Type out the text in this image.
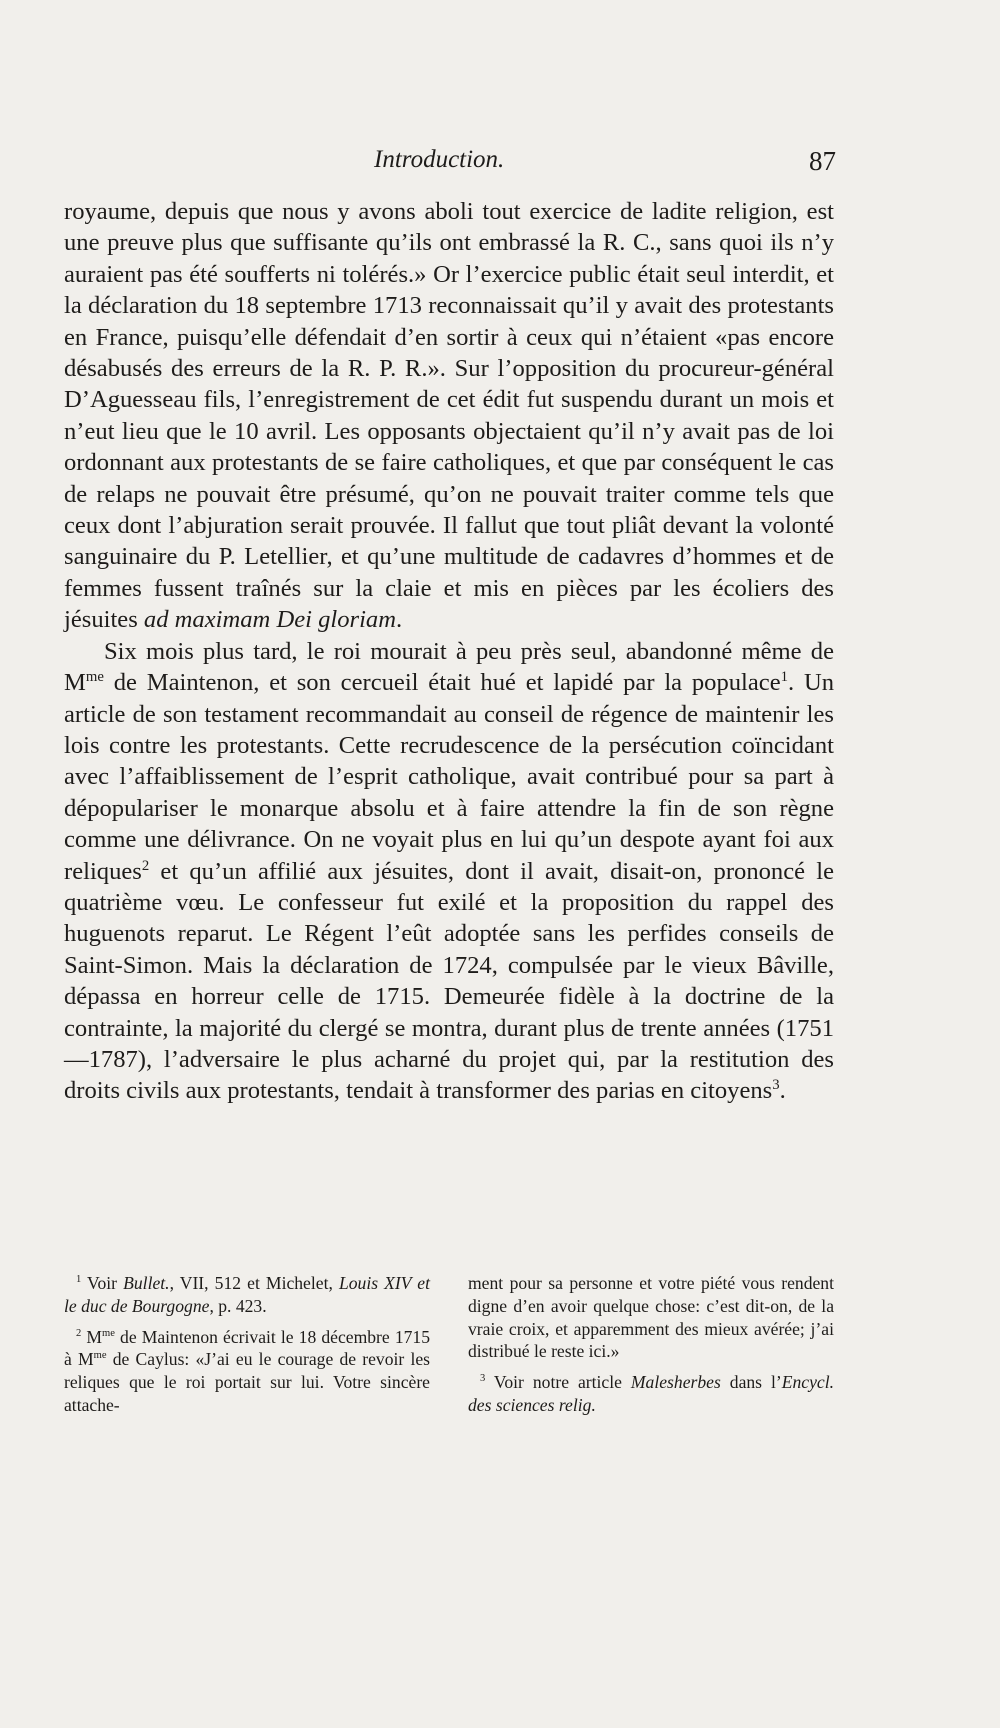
Introduction.	87

royaume, depuis que nous y avons aboli tout exercice de ladite religion, est une preuve plus que suffisante qu’ils ont embrassé la R. C., sans quoi ils n’y auraient pas été soufferts ni tolérés.» Or l’exercice public était seul interdit, et la déclaration du 18 septembre 1713 reconnaissait qu’il y avait des protestants en France, puisqu’elle défendait d’en sortir à ceux qui n’étaient «pas encore désabusés des erreurs de la R. P. R.». Sur l’opposition du procureur-général D’Aguesseau fils, l’enregistrement de cet édit fut suspendu durant un mois et n’eut lieu que le 10 avril. Les opposants objectaient qu’il n’y avait pas de loi ordonnant aux protestants de se faire catholiques, et que par conséquent le cas de relaps ne pouvait être présumé, qu’on ne pouvait traiter comme tels que ceux dont l’abjuration serait prouvée. Il fallut que tout pliât devant la volonté sanguinaire du P. Letellier, et qu’une multitude de cadavres d’hommes et de femmes fussent traînés sur la claie et mis en pièces par les écoliers des jésuites ad maximam Dei gloriam.

Six mois plus tard, le roi mourait à peu près seul, abandonné même de $M^{me}$ de Maintenon, et son cercueil était hué et lapidé par la populace$^1$. Un article de son testament recommandait au conseil de régence de maintenir les lois contre les protestants. Cette recrudescence de la persécution coïncidant avec l’affaiblissement de l’esprit catholique, avait contribué pour sa part à dépopulariser le monarque absolu et à faire attendre la fin de son règne comme une délivrance. On ne voyait plus en lui qu’un despote ayant foi aux reliques$^2$ et qu’un affilié aux jésuites, dont il avait, disait-on, prononcé le quatrième vœu. Le confesseur fut exilé et la proposition du rappel des huguenots reparut. Le Régent l’eût adoptée sans les perfides conseils de Saint-Simon. Mais la déclaration de 1724, compulsée par le vieux Bâville, dépassa en horreur celle de 1715. Demeurée fidèle à la doctrine de la contrainte, la majorité du clergé se montra, durant plus de trente années (1751—1787), l’adversaire le plus acharné du projet qui, par la restitution des droits civils aux protestants, tendait à transformer des parias en citoyens$^3$.

$^1$ Voir Bullet., VII, 512 et Michelet, Louis XIV et le duc de Bourgogne, p. 423.

$^2$ $M^{me}$ de Maintenon écrivait le 18 décembre 1715 à $M^{me}$ de Caylus: «J’ai eu le courage de revoir les reliques que le roi portait sur lui. Votre sincère attache-

ment pour sa personne et votre piété vous rendent digne d’en avoir quelque chose: c’est dit-on, de la vraie croix, et apparemment des mieux avérée; j’ai distribué le reste ici.»

$^3$ Voir notre article Malesherbes dans l’Encycl. des sciences relig.
